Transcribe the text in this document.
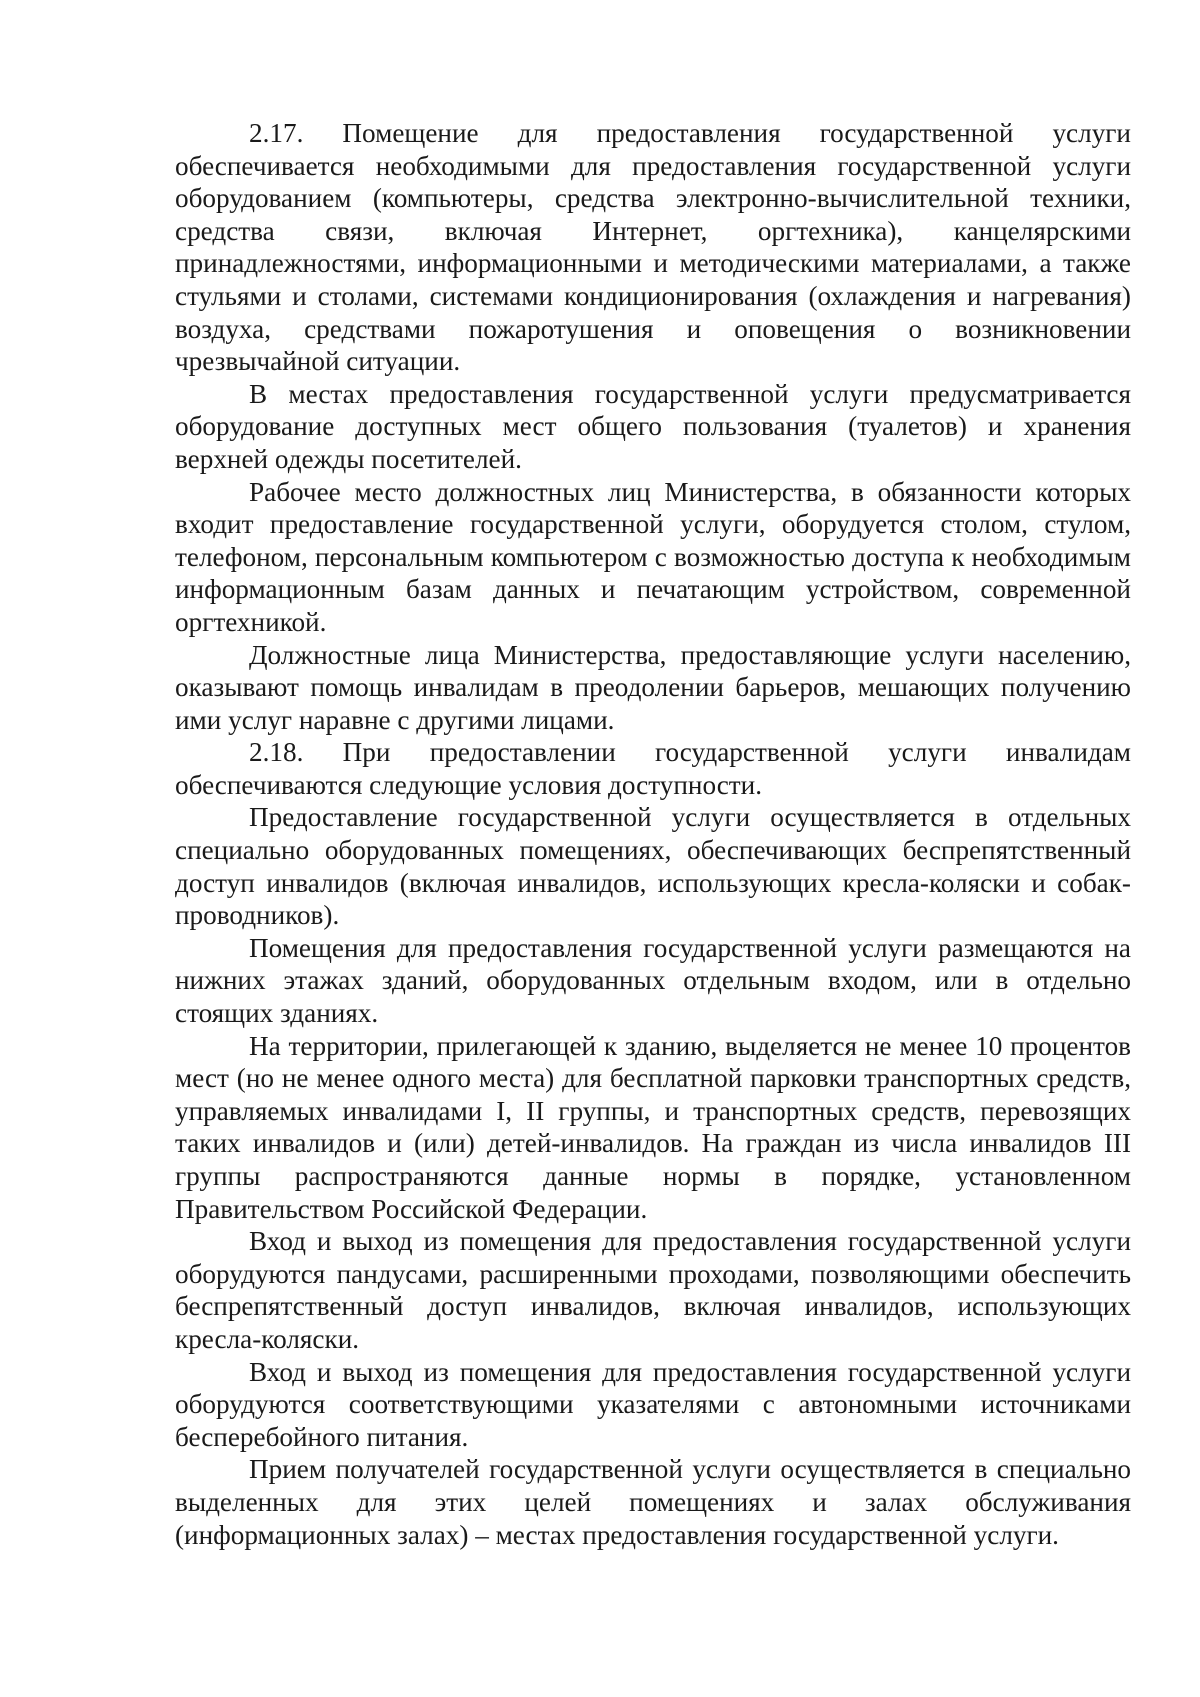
2.17. Помещение для предоставления государственной услуги обеспечивается необходимыми для предоставления государственной услуги оборудованием (компьютеры, средства электронно-вычислительной техники, средства связи, включая Интернет, оргтехника), канцелярскими принадлежностями, информационными и методическими материалами, а также стульями и столами, системами кондиционирования (охлаждения и нагревания) воздуха, средствами пожаротушения и оповещения о возникновении чрезвычайной ситуации.

В местах предоставления государственной услуги предусматривается оборудование доступных мест общего пользования (туалетов) и хранения верхней одежды посетителей.

Рабочее место должностных лиц Министерства, в обязанности которых входит предоставление государственной услуги, оборудуется столом, стулом, телефоном, персональным компьютером с возможностью доступа к необходимым информационным базам данных и печатающим устройством, современной оргтехникой.

Должностные лица Министерства, предоставляющие услуги населению, оказывают помощь инвалидам в преодолении барьеров, мешающих получению ими услуг наравне с другими лицами.

2.18. При предоставлении государственной услуги инвалидам обеспечиваются следующие условия доступности.

Предоставление государственной услуги осуществляется в отдельных специально оборудованных помещениях, обеспечивающих беспрепятственный доступ инвалидов (включая инвалидов, использующих кресла-коляски и собак-проводников).

Помещения для предоставления государственной услуги размещаются на нижних этажах зданий, оборудованных отдельным входом, или в отдельно стоящих зданиях.

На территории, прилегающей к зданию, выделяется не менее 10 процентов мест (но не менее одного места) для бесплатной парковки транспортных средств, управляемых инвалидами I, II группы, и транспортных средств, перевозящих таких инвалидов и (или) детей-инвалидов. На граждан из числа инвалидов III группы распространяются данные нормы в порядке, установленном Правительством Российской Федерации.

Вход и выход из помещения для предоставления государственной услуги оборудуются пандусами, расширенными проходами, позволяющими обеспечить беспрепятственный доступ инвалидов, включая инвалидов, использующих кресла-коляски.

Вход и выход из помещения для предоставления государственной услуги оборудуются соответствующими указателями с автономными источниками бесперебойного питания.

Прием получателей государственной услуги осуществляется в специально выделенных для этих целей помещениях и залах обслуживания (информационных залах) – местах предоставления государственной услуги.
